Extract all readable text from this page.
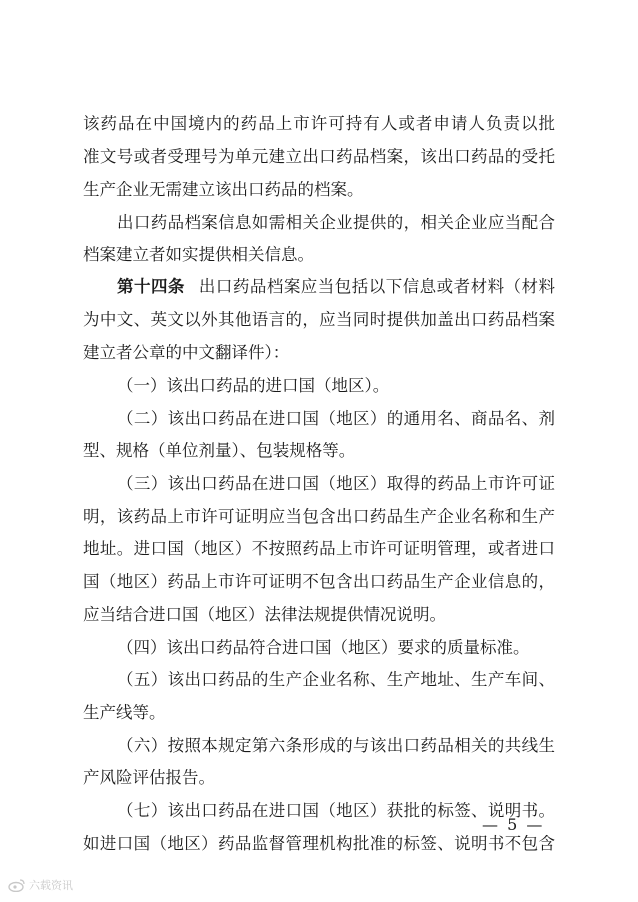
该药品在中国境内的药品上市许可持有人或者申请人负责以批
准文号或者受理号为单元建立出口药品档案，该出口药品的受托
生产企业无需建立该出口药品的档案。
出口药品档案信息如需相关企业提供的，相关企业应当配合
档案建立者如实提供相关信息。
第十四条 出口药品档案应当包括以下信息或者材料（材料
为中文、英文以外其他语言的，应当同时提供加盖出口药品档案
建立者公章的中文翻译件）：
（一）该出口药品的进口国（地区）。
（二）该出口药品在进口国（地区）的通用名、商品名、剂
型、规格（单位剂量）、包装规格等。
（三）该出口药品在进口国（地区）取得的药品上市许可证
明，该药品上市许可证明应当包含出口药品生产企业名称和生产
地址。进口国（地区）不按照药品上市许可证明管理，或者进口
国（地区）药品上市许可证明不包含出口药品生产企业信息的，
应当结合进口国（地区）法律法规提供情况说明。
（四）该出口药品符合进口国（地区）要求的质量标准。
（五）该出口药品的生产企业名称、生产地址、生产车间、
生产线等。
（六）按照本规定第六条形成的与该出口药品相关的共线生
产风险评估报告。
（七）该出口药品在进口国（地区）获批的标签、说明书。
如进口国（地区）药品监督管理机构批准的标签、说明书不包含
— 5 —
六载资讯
